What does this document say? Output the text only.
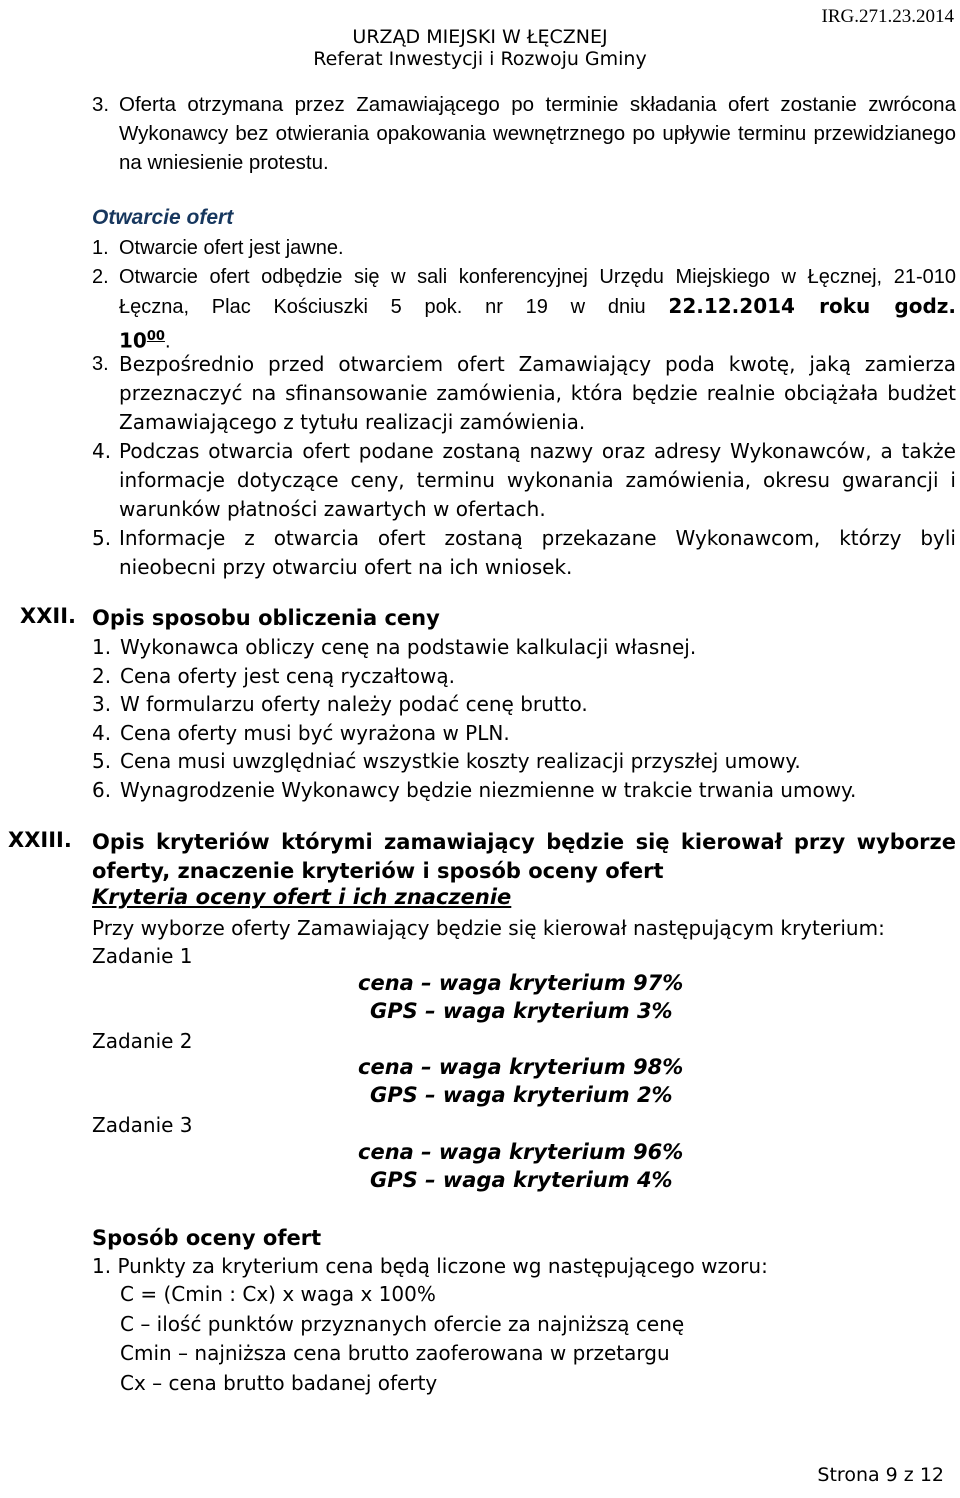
IRG.271.23.2014
URZĄD MIEJSKI W ŁĘCZNEJ
Referat Inwestycji i Rozwoju Gminy
3. Oferta otrzymana przez Zamawiającego po terminie składania ofert zostanie zwrócona Wykonawcy bez otwierania opakowania wewnętrznego po upływie terminu przewidzianego na wniesienie protestu.
Otwarcie ofert
1. Otwarcie ofert jest jawne.
2. Otwarcie ofert odbędzie się w sali konferencyjnej Urzędu Miejskiego w Łęcznej, 21-010 Łęczna, Plac Kościuszki 5 pok. nr 19 w dniu 22.12.2014 roku godz.
$10^{00}$.
3. Bezpośrednio przed otwarciem ofert Zamawiający poda kwotę, jaką zamierza przeznaczyć na sfinansowanie zamówienia, która będzie realnie obciążała budżet Zamawiającego z tytułu realizacji zamówienia.
4. Podczas otwarcia ofert podane zostaną nazwy oraz adresy Wykonawców, a także informacje dotyczące ceny, terminu wykonania zamówienia, okresu gwarancji i warunków płatności zawartych w ofertach.
5. Informacje z otwarcia ofert zostaną przekazane Wykonawcom, którzy byli nieobecni przy otwarciu ofert na ich wniosek.
XXII. Opis sposobu obliczenia ceny
1. Wykonawca obliczy cenę na podstawie kalkulacji własnej.
2. Cena oferty jest ceną ryczałtową.
3. W formularzu oferty należy podać cenę brutto.
4. Cena oferty musi być wyrażona w PLN.
5. Cena musi uwzględniać wszystkie koszty realizacji przyszłej umowy.
6. Wynagrodzenie Wykonawcy będzie niezmienne w trakcie trwania umowy.
XXIII. Opis kryteriów którymi zamawiający będzie się kierował przy wyborze
oferty, znaczenie kryteriów i sposób oceny ofert
Kryteria oceny ofert i ich znaczenie
Przy wyborze oferty Zamawiający będzie się kierował następującym kryterium:
Zadanie 1
cena – waga kryterium 97%
GPS – waga kryterium 3%
Zadanie 2
cena – waga kryterium 98%
GPS – waga kryterium 2%
Zadanie 3
cena – waga kryterium 96%
GPS – waga kryterium 4%
Sposób oceny ofert
1. Punkty za kryterium cena będą liczone wg następującego wzoru:
C = (Cmin : Cx) x waga x 100%
C – ilość punktów przyznanych ofercie za najniższą cenę
Cmin – najniższa cena brutto zaoferowana w przetargu
Cx – cena brutto badanej oferty
Strona 9 z 12
